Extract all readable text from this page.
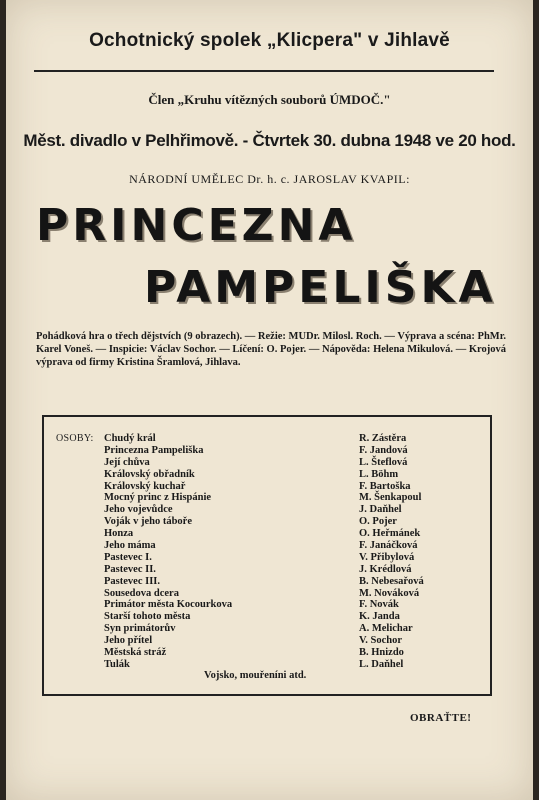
Ochotnický spolek „Klicpera" v Jihlavě
Člen „Kruhu vítězných souborů ÚMDOČ."
Měst. divadlo v Pelhřimově. - Čtvrtek 30. dubna 1948 ve 20 hod.
NÁRODNÍ UMĚLEC Dr. h. c. JAROSLAV KVAPIL:
PRINCEZNA
PAMPELIŠKA
Pohádková hra o třech dějstvích (9 obrazech). — Režie: MUDr. Milosl. Roch. — Výprava a scéna: PhMr. Karel Voneš. — Inspicie: Václav Sochor. — Líčení: O. Pojer. — Nápověda: Helena Mikulová. — Krojová výprava od firmy Kristina Šramlová, Jihlava.
OSOBY: Chudý král	R. Zástěra
Princezna Pampeliška	F. Jandová
Její chůva	L. Šteflová
Královský obřadník	L. Böhm
Královský kuchař	F. Bartoška
Mocný princ z Hispánie	M. Šenkapoul
Jeho vojevůdce	J. Daňhel
Voják v jeho táboře	O. Pojer
Honza	O. Heřmánek
Jeho máma	F. Janáčková
Pastevec I.	V. Přibylová
Pastevec II.	J. Krédlová
Pastevec III.	B. Nebesařová
Sousedova dcera	M. Nováková
Primátor města Kocourkova	F. Novák
Starší tohoto města	K. Janda
Syn primátorův	A. Melichar
Jeho přítel	V. Sochor
Městská stráž	B. Hnizdo
Tulák	L. Daňhel
Vojsko, mouřenínі atd.
OBRAŤTE!
